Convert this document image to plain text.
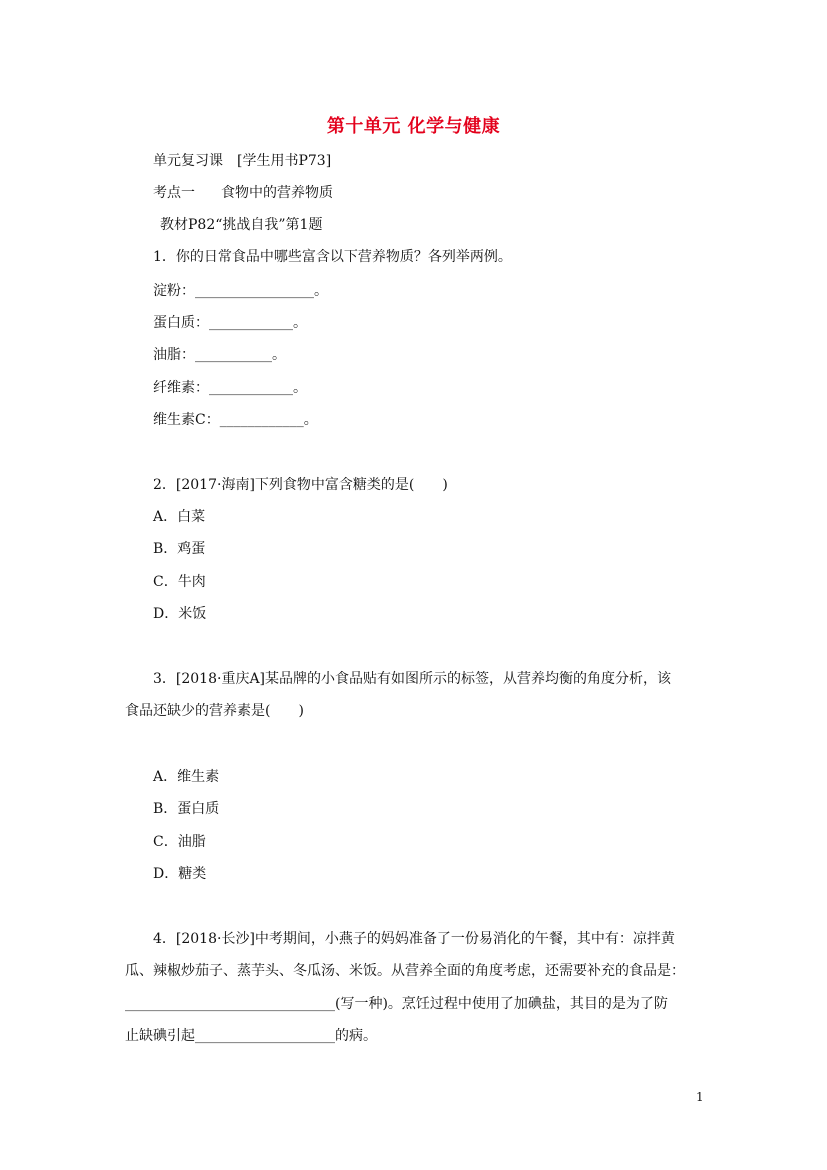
第十单元 化学与健康
单元复习课 [学生用书P73]
考点一 食物中的营养物质
教材P82“挑战自我”第1题
1．你的日常食品中哪些富含以下营养物质？各列举两例。
淀粉：_________________。
蛋白质：____________。
油脂：___________。
纤维素：____________。
维生素C：____________。
2．[2017·海南]下列食物中富含糖类的是(　　)
A．白菜
B．鸡蛋
C．牛肉
D．米饭
3．[2018·重庆A]某品牌的小食品贴有如图所示的标签，从营养均衡的角度分析，该
食品还缺少的营养素是(　　)
A．维生素
B．蛋白质
C．油脂
D．糖类
4．[2018·长沙]中考期间，小燕子的妈妈准备了一份易消化的午餐，其中有：凉拌黄
瓜、辣椒炒茄子、蒸芋头、冬瓜汤、米饭。从营养全面的角度考虑，还需要补充的食品是：
______________________________(写一种)。烹饪过程中使用了加碘盐，其目的是为了防
止缺碘引起____________________的病。
1
